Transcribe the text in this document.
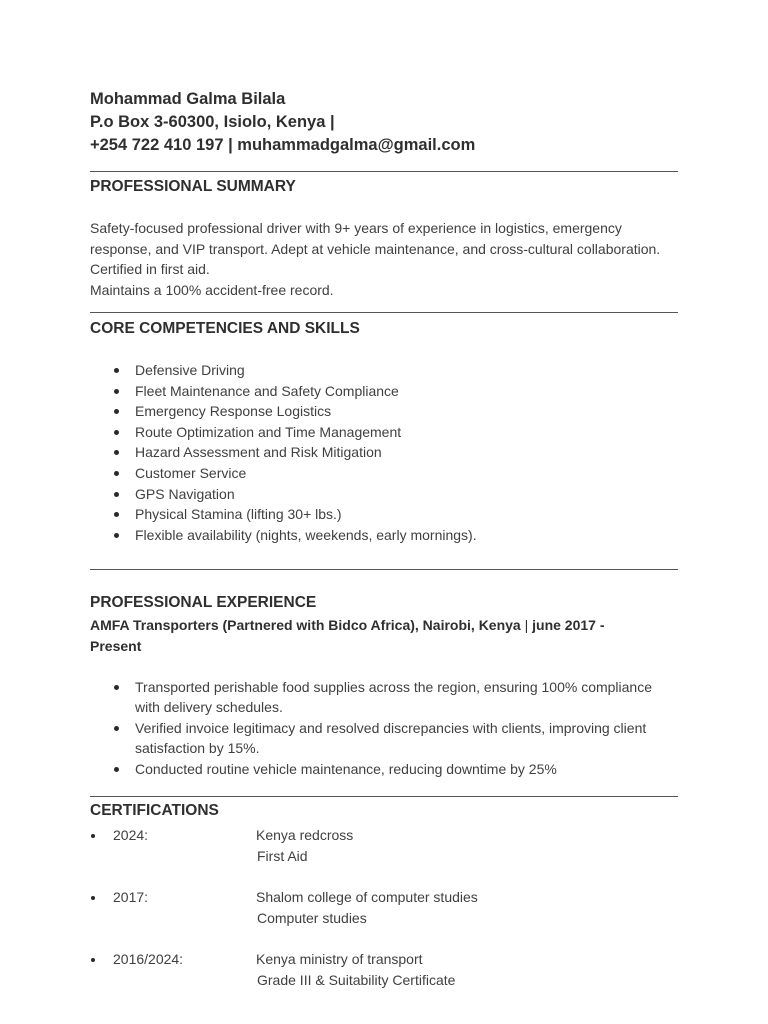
Mohammad Galma Bilala
P.o Box 3-60300, Isiolo, Kenya |
+254 722 410 197 | muhammadgalma@gmail.com
PROFESSIONAL SUMMARY
Safety-focused professional driver with 9+ years of experience in logistics, emergency response, and VIP transport. Adept at vehicle maintenance, and cross-cultural collaboration. Certified in first aid.
Maintains a 100% accident-free record.
CORE COMPETENCIES AND SKILLS
Defensive Driving
Fleet Maintenance and Safety Compliance
Emergency Response Logistics
Route Optimization and Time Management
Hazard Assessment and Risk Mitigation
Customer Service
GPS Navigation
Physical Stamina (lifting 30+ lbs.)
Flexible availability (nights, weekends, early mornings).
PROFESSIONAL EXPERIENCE
AMFA Transporters (Partnered with Bidco Africa), Nairobi, Kenya | june 2017 - Present
Transported perishable food supplies across the region, ensuring 100% compliance with delivery schedules.
Verified invoice legitimacy and resolved discrepancies with clients, improving client satisfaction by 15%.
Conducted routine vehicle maintenance, reducing downtime by 25%
CERTIFICATIONS
2024:	Kenya redcross
First Aid
2017:	Shalom college of computer studies
Computer studies
2016/2024:	Kenya ministry of transport
Grade III & Suitability Certificate
